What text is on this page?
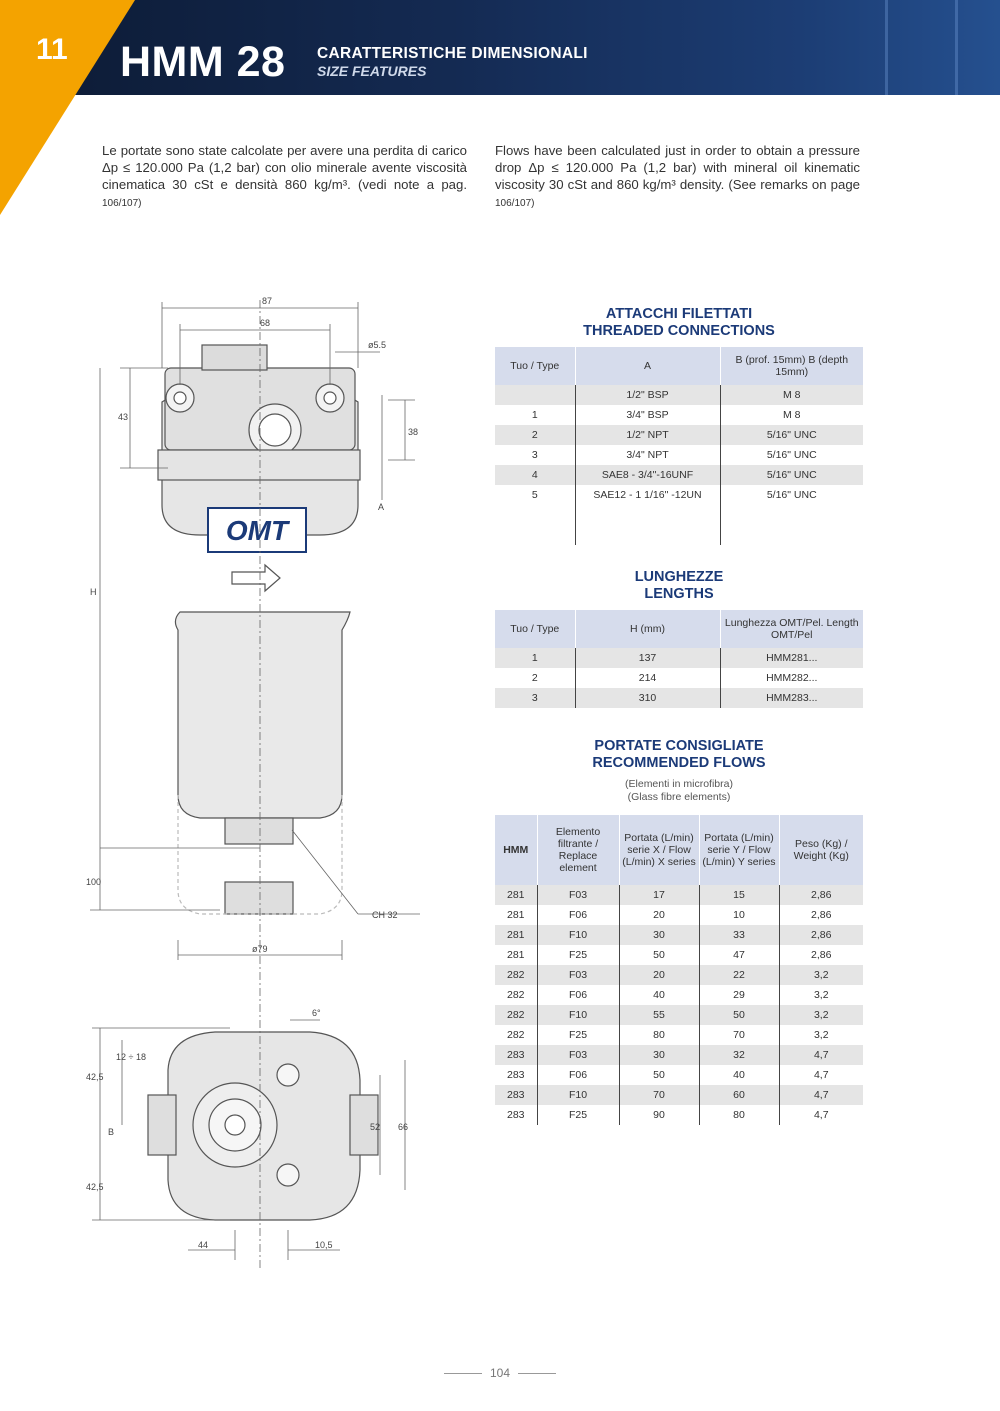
11 HMM 28 CARATTERISTICHE DIMENSIONALI
SIZE FEATURES
Le portate sono state calcolate per avere una perdita di carico Δp ≤ 120.000 Pa (1,2 bar) con olio minerale avente viscosità cinematica 30 cSt e densità 860 kg/m³. (vedi note a pag. 106/107)
Flows have been calculated just in order to obtain a pressure drop Δp ≤ 120.000 Pa (1,2 bar) with mineral oil kinematic viscosity 30 cSt and 860 kg/m³ density. (See remarks on page 106/107)
OMT
87
68
ø5.5
43
38
A
H
100
CH 32
ø79
6°
42,5
42,5
12 ÷ 18
B	52 66
44	10,5
ATTACCHI FILETTATI
THREADED CONNECTIONS
Tuo / Type	A	B (prof. 15mm) B (depth 15mm)
	1/2" BSP	M 8
1	3/4" BSP	M 8
2	1/2" NPT	5/16" UNC
3	3/4" NPT	5/16" UNC
4	SAE8 - 3/4"-16UNF	5/16" UNC
5	SAE12 - 1 1/16" -12UN	5/16" UNC

LUNGHEZZE
LENGTHS
Tuo / Type	H (mm)	Lunghezza OMT/Pel. Length OMT/Pel
1	137	HMM281...
2	214	HMM282...
3	310	HMM283...
PORTATE CONSIGLIATE
RECOMMENDED FLOWS
(Elementi in microfibra)
(Glass fibre elements)
HMM	Elemento filtrante / Replace element	Portata (L/min) serie X / Flow (L/min) X series	Portata (L/min) serie Y / Flow (L/min) Y series	Peso (Kg) / Weight (Kg)
281	F03	17	15	2,86
281	F06	20	10	2,86
281	F10	30	33	2,86
281	F25	50	47	2,86
282	F03	20	22	3,2
282	F06	40	29	3,2
282	F10	55	50	3,2
282	F25	80	70	3,2
283	F03	30	32	4,7
283	F06	50	40	4,7
283	F10	70	60	4,7
283	F25	90	80	4,7
104
